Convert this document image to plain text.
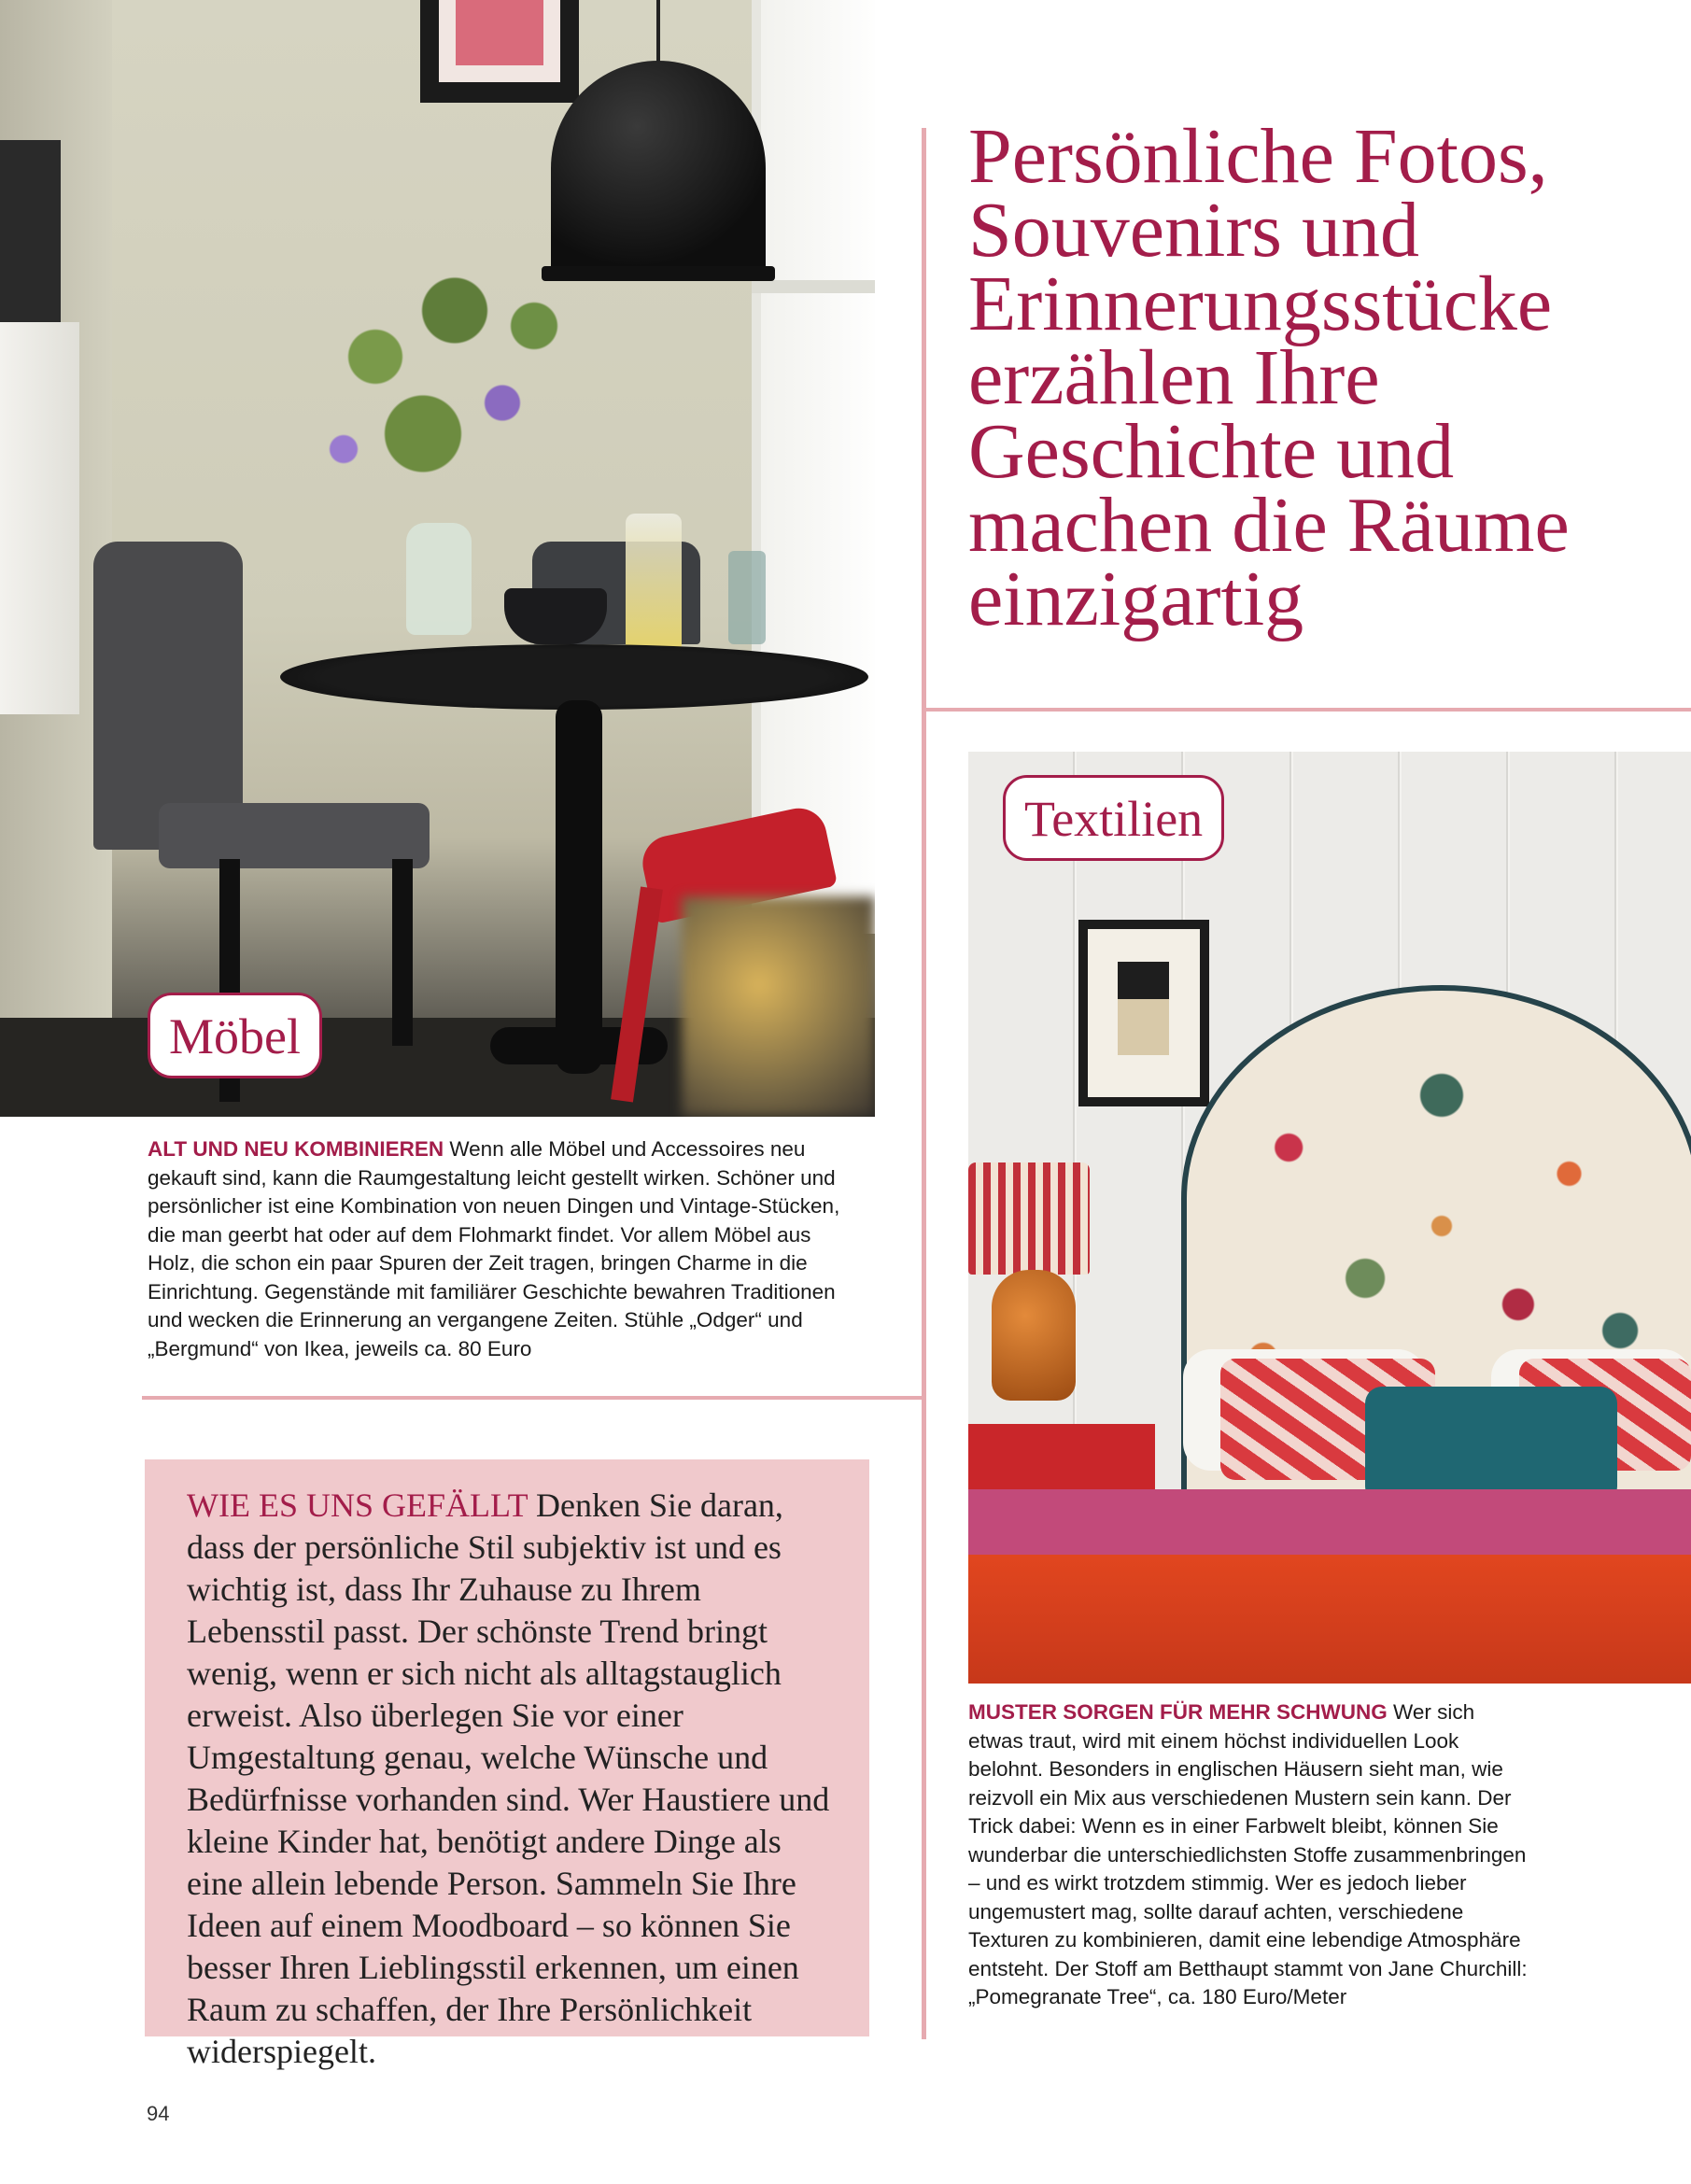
Persönliche Fotos, Souvenirs und Erinnerungsstücke erzählen Ihre Geschichte und machen die Räume einzigartig
Möbel
Textilien

ALT UND NEU KOMBINIEREN Wenn alle Möbel und Accessoires neu gekauft sind, kann die Raumgestaltung leicht gestellt wirken. Schöner und persönlicher ist eine Kombination von neuen Dingen und Vintage-Stücken, die man geerbt hat oder auf dem Flohmarkt findet. Vor allem Möbel aus Holz, die schon ein paar Spuren der Zeit tragen, bringen Charme in die Einrichtung. Gegenstände mit familiärer Geschichte bewahren Traditionen und wecken die Erinnerung an vergangene Zeiten. Stühle „Odger“ und „Bergmund“ von Ikea, jeweils ca. 80 Euro

MUSTER SORGEN FÜR MEHR SCHWUNG Wer sich etwas traut, wird mit einem höchst individuellen Look belohnt. Besonders in englischen Häusern sieht man, wie reizvoll ein Mix aus verschiedenen Mustern sein kann. Der Trick dabei: Wenn es in einer Farbwelt bleibt, können Sie wunderbar die unterschiedlichsten Stoffe zusammenbringen – und es wirkt trotzdem stimmig. Wer es jedoch lieber ungemustert mag, sollte darauf achten, verschiedene Texturen zu kombinieren, damit eine lebendige Atmosphäre entsteht. Der Stoff am Betthaupt stammt von Jane Churchill: „Pomegranate Tree“, ca. 180 Euro/Meter

WIE ES UNS GEFÄLLT Denken Sie daran, dass der persönliche Stil subjektiv ist und es wichtig ist, dass Ihr Zuhause zu Ihrem Lebensstil passt. Der schönste Trend bringt wenig, wenn er sich nicht als alltagstauglich erweist. Also überlegen Sie vor einer Umgestaltung genau, welche Wünsche und Bedürfnisse vorhanden sind. Wer Haustiere und kleine Kinder hat, benötigt andere Dinge als eine allein lebende Person. Sammeln Sie Ihre Ideen auf einem Moodboard – so können Sie besser Ihren Lieblingsstil erkennen, um einen Raum zu schaffen, der Ihre Persönlichkeit widerspiegelt.

94
